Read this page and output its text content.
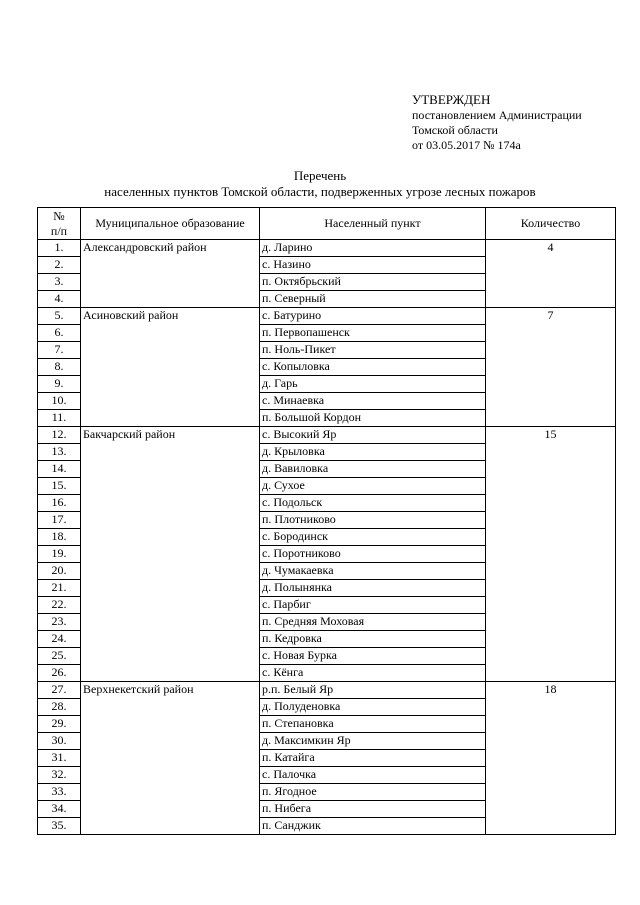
УТВЕРЖДЕН
постановлением Администрации
Томской области
от 03.05.2017 № 174а
Перечень
населенных пунктов Томской области, подверженных угрозе лесных пожаров
№
п/п	Муниципальное образование	Населенный пункт	Количество
1.	Александровский район	д. Ларино	4
2.		с. Назино	
3.		п. Октябрьский	
4.		п. Северный	
5.	Асиновский район	с. Батурино	7
6.		п. Первопашенск	
7.		п. Ноль-Пикет	
8.		с. Копыловка	
9.		д. Гарь	
10.		с. Минаевка	
11.		п. Большой Кордон	
12.	Бакчарский район	с. Высокий Яр	15
13.		д. Крыловка	
14.		д. Вавиловка	
15.		д. Сухое	
16.		с. Подольск	
17.		п. Плотниково	
18.		с. Бородинск	
19.		с. Поротниково	
20.		д. Чумакаевка	
21.		д. Полынянка	
22.		с. Парбиг	
23.		п. Средняя Моховая	
24.		п. Кедровка	
25.		с. Новая Бурка	
26.		с. Кёнга	
27.	Верхнекетский район	р.п. Белый Яр	18
28.		д. Полуденовка	
29.		п. Степановка	
30.		д. Максимкин Яр	
31.		п. Катайга	
32.		с. Палочка	
33.		п. Ягодное	
34.		п. Нибега	
35.		п. Санджик	
